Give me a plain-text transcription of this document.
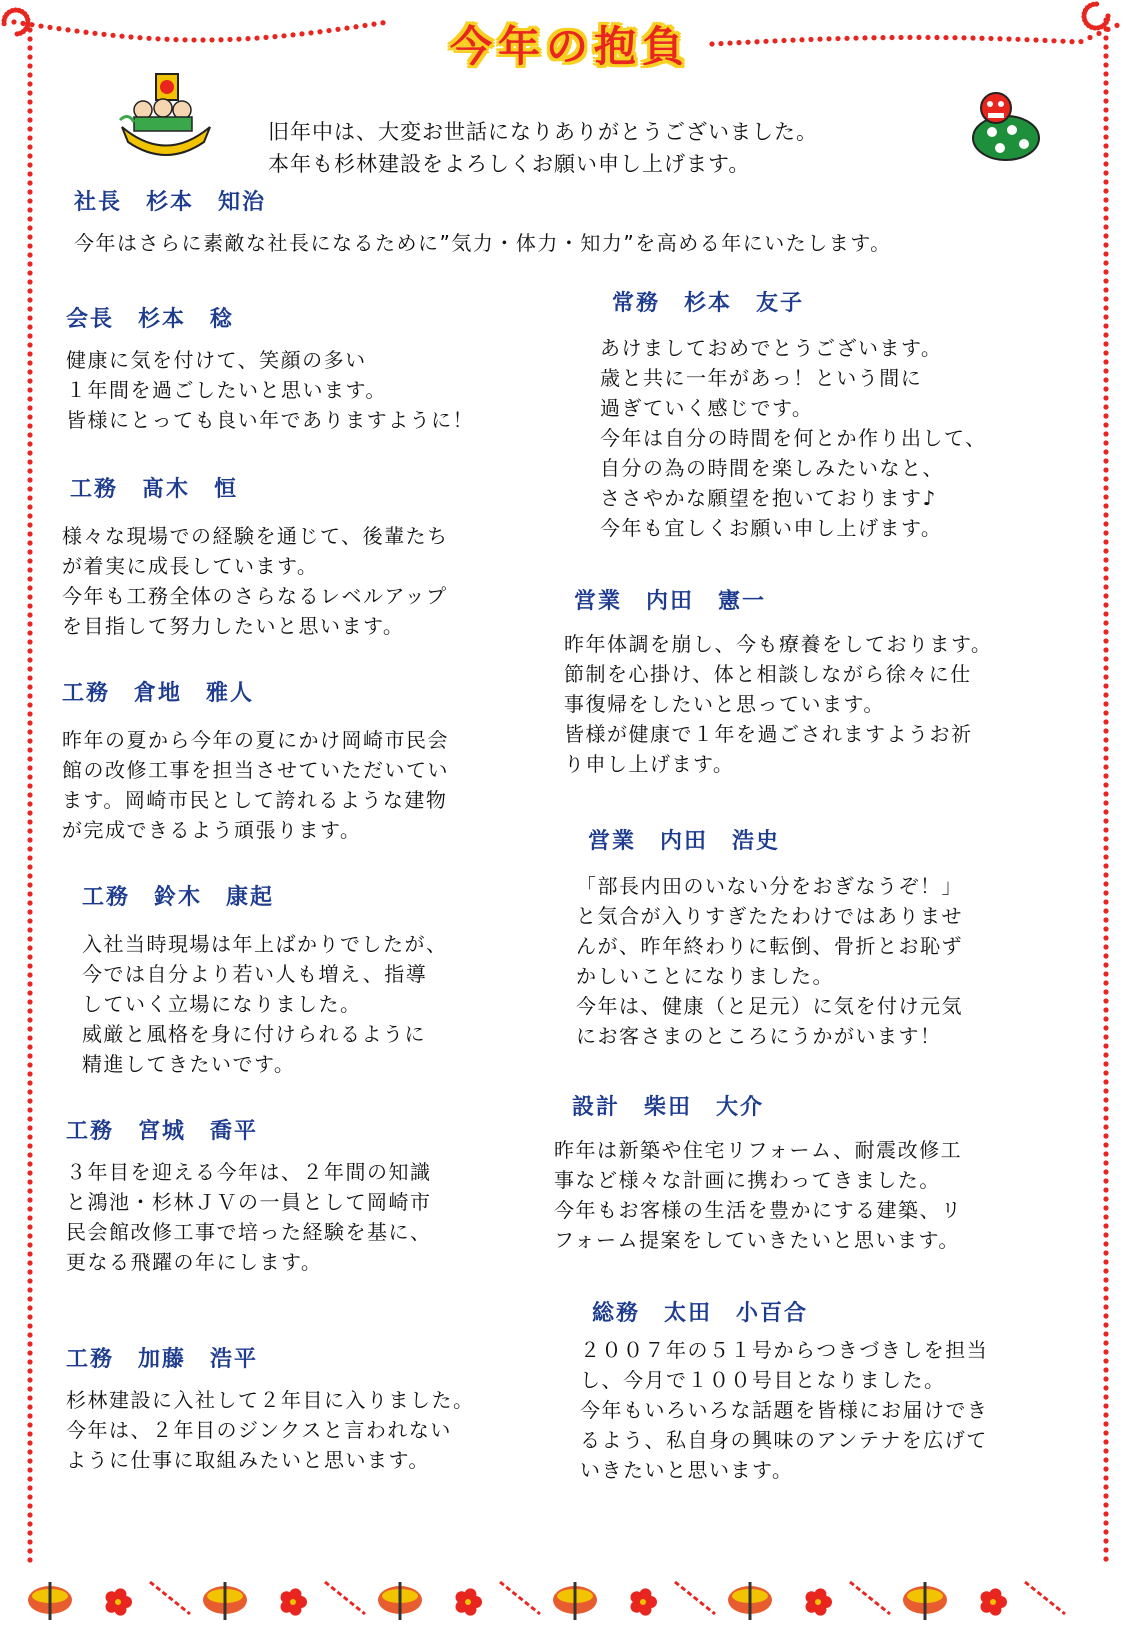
今年の抱負
旧年中は、大変お世話になりありがとうございました。
本年も杉林建設をよろしくお願い申し上げます。
社長　杉本　知治
今年はさらに素敵な社長になるために”気力・体力・知力”を高める年にいたします。
会長　杉本　稔
健康に気を付けて、笑顔の多い
１年間を過ごしたいと思います。
皆様にとっても良い年でありますように！
工務　髙木　恒
様々な現場での経験を通じて、後輩たち
が着実に成長しています。
今年も工務全体のさらなるレベルアップ
を目指して努力したいと思います。
工務　倉地　雅人
昨年の夏から今年の夏にかけ岡崎市民会
館の改修工事を担当させていただいてい
ます。岡崎市民として誇れるような建物
が完成できるよう頑張ります。
工務　鈴木　康起
入社当時現場は年上ばかりでしたが、
今では自分より若い人も増え、指導
していく立場になりました。
威厳と風格を身に付けられるように
精進してきたいです。
工務　宮城　喬平
３年目を迎える今年は、２年間の知識
と鴻池・杉林ＪＶの一員として岡崎市
民会館改修工事で培った経験を基に、
更なる飛躍の年にします。
工務　加藤　浩平
杉林建設に入社して２年目に入りました。
今年は、２年目のジンクスと言われない
ように仕事に取組みたいと思います。
常務　杉本　友子
あけましておめでとうございます。
歳と共に一年があっ！という間に
過ぎていく感じです。
今年は自分の時間を何とか作り出して、
自分の為の時間を楽しみたいなと、
ささやかな願望を抱いております♪
今年も宜しくお願い申し上げます。
営業　内田　憲一
昨年体調を崩し、今も療養をしております。
節制を心掛け、体と相談しながら徐々に仕
事復帰をしたいと思っています。
皆様が健康で１年を過ごされますようお祈
り申し上げます。
営業　内田　浩史
「部長内田のいない分をおぎなうぞ！」
と気合が入りすぎたたわけではありませ
んが、昨年終わりに転倒、骨折とお恥ず
かしいことになりました。
今年は、健康（と足元）に気を付け元気
にお客さまのところにうかがいます！
設計　柴田　大介
昨年は新築や住宅リフォーム、耐震改修工
事など様々な計画に携わってきました。
今年もお客様の生活を豊かにする建築、リ
フォーム提案をしていきたいと思います。
総務　太田　小百合
２００７年の５１号からつきづきしを担当
し、今月で１００号目となりました。
今年もいろいろな話題を皆様にお届けでき
るよう、私自身の興味のアンテナを広げて
いきたいと思います。
